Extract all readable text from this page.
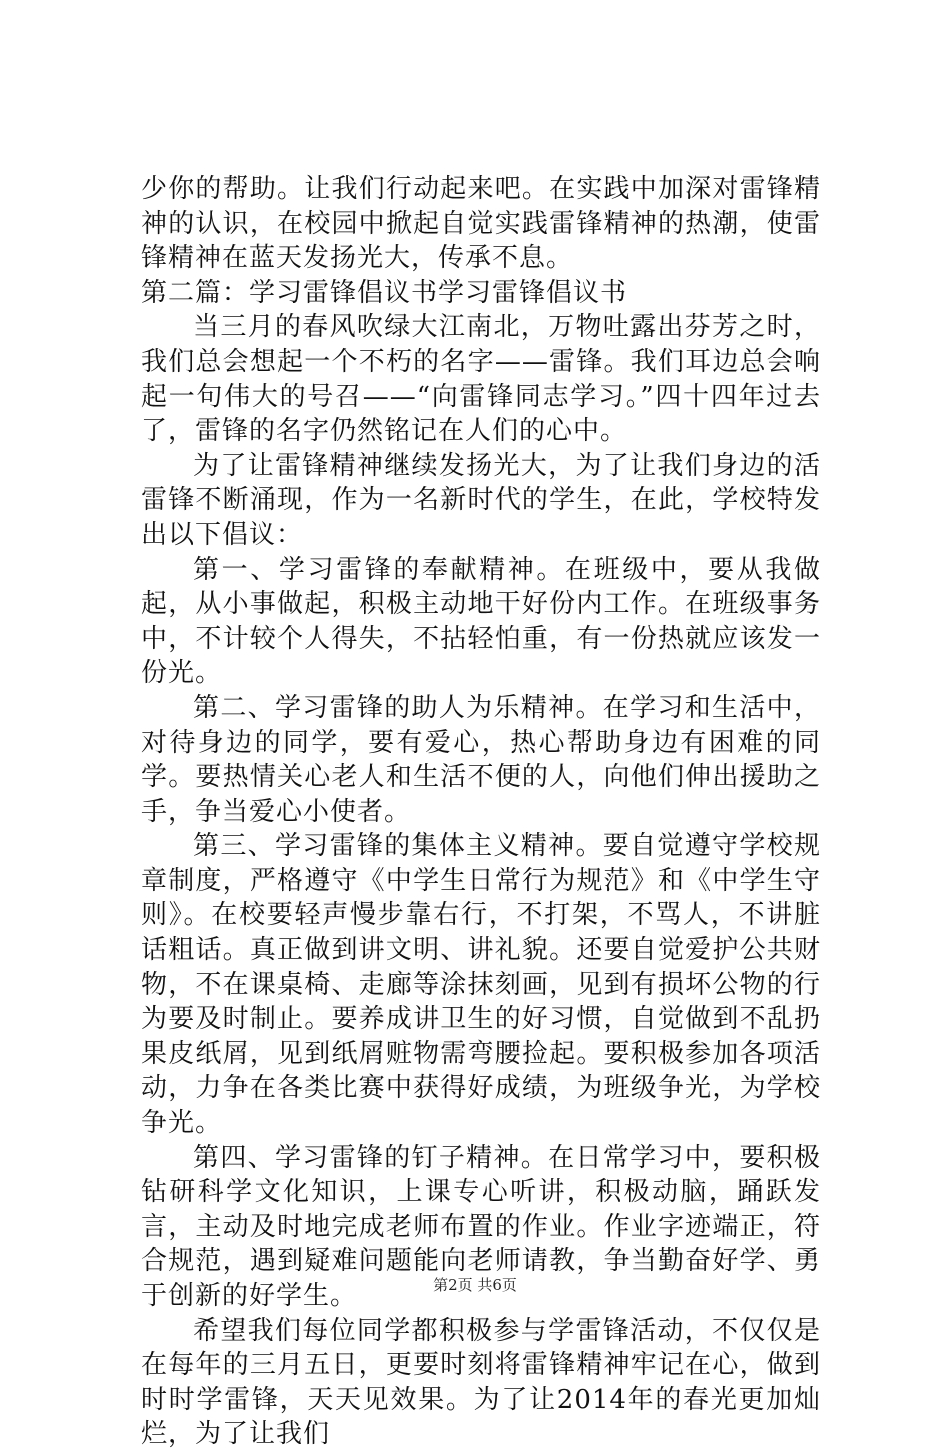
少你的帮助。让我们行动起来吧。在实践中加深对雷锋精神的认识，在校园中掀起自觉实践雷锋精神的热潮，使雷锋精神在蓝天发扬光大，传承不息。

第二篇：学习雷锋倡议书学习雷锋倡议书

当三月的春风吹绿大江南北，万物吐露出芬芳之时，我们总会想起一个不朽的名字——雷锋。我们耳边总会响起一句伟大的号召——“向雷锋同志学习。”四十四年过去了，雷锋的名字仍然铭记在人们的心中。

为了让雷锋精神继续发扬光大，为了让我们身边的活雷锋不断涌现，作为一名新时代的学生，在此，学校特发出以下倡议：

第一、学习雷锋的奉献精神。在班级中，要从我做起，从小事做起，积极主动地干好份内工作。在班级事务中，不计较个人得失，不拈轻怕重，有一份热就应该发一份光。

第二、学习雷锋的助人为乐精神。在学习和生活中，对待身边的同学，要有爱心，热心帮助身边有困难的同学。要热情关心老人和生活不便的人，向他们伸出援助之手，争当爱心小使者。

第三、学习雷锋的集体主义精神。要自觉遵守学校规章制度，严格遵守《中学生日常行为规范》和《中学生守则》。在校要轻声慢步靠右行，不打架，不骂人，不讲脏话粗话。真正做到讲文明、讲礼貌。还要自觉爱护公共财物，不在课桌椅、走廊等涂抹刻画，见到有损坏公物的行为要及时制止。要养成讲卫生的好习惯，自觉做到不乱扔果皮纸屑，见到纸屑赃物需弯腰捡起。要积极参加各项活动，力争在各类比赛中获得好成绩，为班级争光，为学校争光。

第四、学习雷锋的钉子精神。在日常学习中，要积极钻研科学文化知识，上课专心听讲，积极动脑，踊跃发言，主动及时地完成老师布置的作业。作业字迹端正，符合规范，遇到疑难问题能向老师请教，争当勤奋好学、勇于创新的好学生。

希望我们每位同学都积极参与学雷锋活动，不仅仅是在每年的三月五日，更要时刻将雷锋精神牢记在心，做到时时学雷锋，天天见效果。为了让2014年的春光更加灿烂，为了让我们

第2页 共6页
